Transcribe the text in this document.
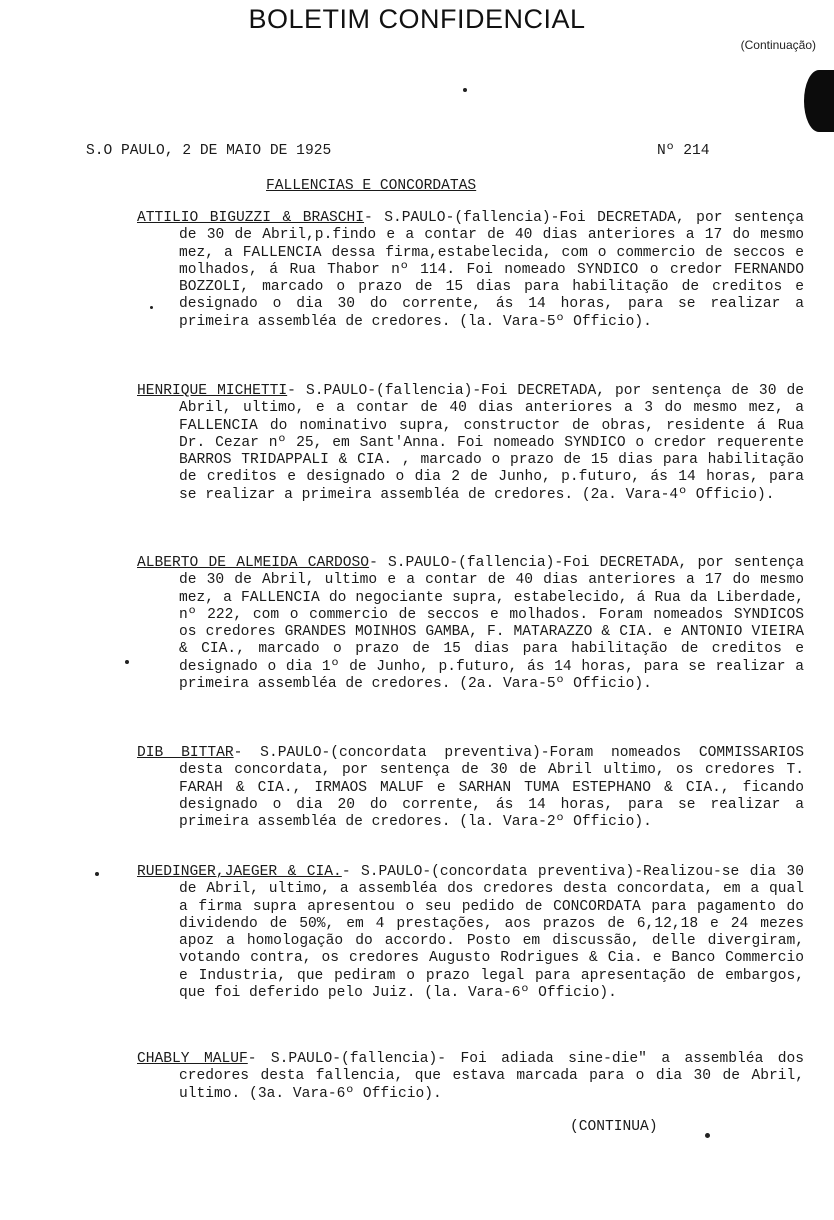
BOLETIM CONFIDENCIAL
(Continuação)
S.O PAULO, 2 DE MAIO DE 1925	Nº 214
FALLENCIAS E CONCORDATAS

ATTILIO BIGUZZI & BRASCHI- S.PAULO-(fallencia)-Foi DECRETADA, por sentença de 30 de Abril,p.findo e a contar de 40 dias anteriores a 17 do mesmo mez, a FALLENCIA dessa firma,estabelecida, com o commercio de seccos e molhados, á Rua Thabor nº 114. Foi nomeado SYNDICO o credor FERNANDO BOZZOLI, marcado o prazo de 15 dias para habilitação de creditos e designado o dia 30 do corrente, ás 14 horas, para se realizar a primeira assembléa de credores. (la. Vara-5º Officio).

HENRIQUE MICHETTI- S.PAULO-(fallencia)-Foi DECRETADA, por sentença de 30 de Abril, ultimo, e a contar de 40 dias anteriores a 3 do mesmo mez, a FALLENCIA do nominativo supra, constructor de obras, residente á Rua Dr. Cezar nº 25, em Sant'Anna. Foi nomeado SYNDICO o credor requerente BARROS TRIDAPPALI & CIA. , marcado o prazo de 15 dias para habilitação de creditos e designado o dia 2 de Junho, p.futuro, ás 14 horas, para se realizar a primeira assembléa de credores. (2a. Vara-4º Officio).

ALBERTO DE ALMEIDA CARDOSO- S.PAULO-(fallencia)-Foi DECRETADA, por sentença de 30 de Abril, ultimo e a contar de 40 dias anteriores a 17 do mesmo mez, a FALLENCIA do negociante supra, estabelecido, á Rua da Liberdade, nº 222, com o commercio de seccos e molhados. Foram nomeados SYNDICOS os credores GRANDES MOINHOS GAMBA, F. MATARAZZO & CIA. e ANTONIO VIEIRA & CIA., marcado o prazo de 15 dias para habilitação de creditos e designado o dia 1º de Junho, p.futuro, ás 14 horas, para se realizar a primeira assembléa de credores. (2a. Vara-5º Officio).

DIB BITTAR- S.PAULO-(concordata preventiva)-Foram nomeados COMMISSARIOS desta concordata, por sentença de 30 de Abril ultimo, os credores T. FARAH & CIA., IRMAOS MALUF e SARHAN TUMA ESTEPHANO & CIA., ficando designado o dia 20 do corrente, ás 14 horas, para se realizar a primeira assembléa de credores. (la. Vara-2º Officio).

RUEDINGER,JAEGER & CIA.- S.PAULO-(concordata preventiva)-Realizou-se dia 30 de Abril, ultimo, a assembléa dos credores desta concordata, em a qual a firma supra apresentou o seu pedido de CONCORDATA para pagamento do dividendo de 50%, em 4 prestações, aos prazos de 6,12,18 e 24 mezes apoz a homologação do accordo. Posto em discussão, delle divergiram, votando contra, os credores Augusto Rodrigues & Cia. e Banco Commercio e Industria, que pediram o prazo legal para apresentação de embargos, que foi deferido pelo Juiz. (la. Vara-6º Officio).

CHABLY MALUF- S.PAULO-(fallencia)- Foi adiada sine-die" a assembléa dos credores desta fallencia, que estava marcada para o dia 30 de Abril, ultimo. (3a. Vara-6º Officio).

(CONTINUA)
